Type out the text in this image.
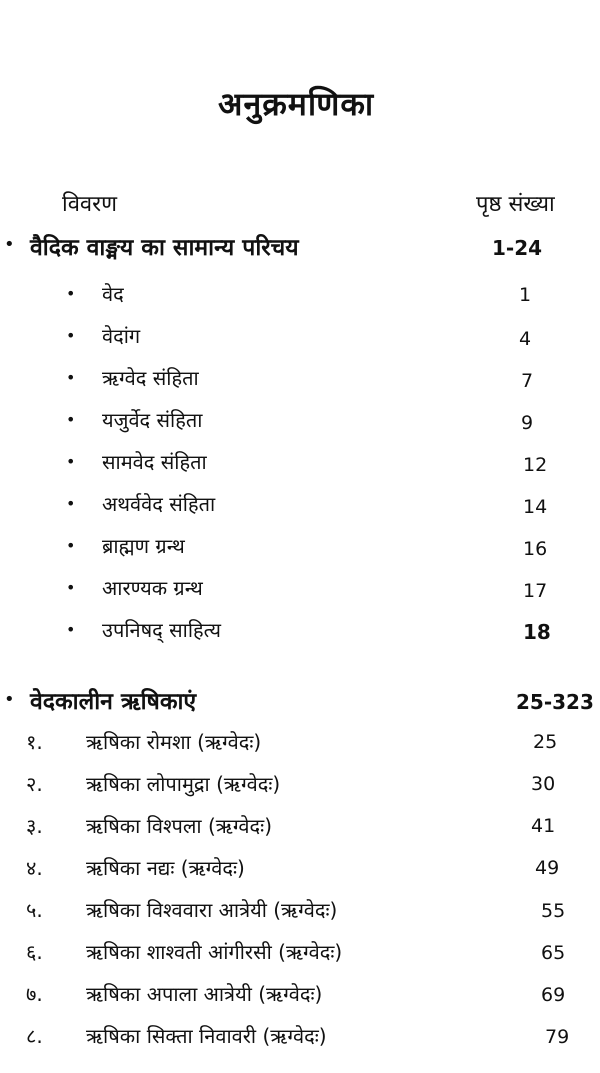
अनुक्रमणिका
विवरण	पृष्ठ संख्या
• वैदिक वाङ्मय का सामान्य परिचय	1-24
• वेद	1
• वेदांग	4
• ऋग्वेद संहिता	7
• यजुर्वेद संहिता	9
• सामवेद संहिता	12
• अथर्ववेद संहिता	14
• ब्राह्मण ग्रन्थ	16
• आरण्यक ग्रन्थ	17
• उपनिषद् साहित्य	18
• वेदकालीन ऋषिकाएं	25-323
१. ऋषिका रोमशा (ऋग्वेदः)	25
२. ऋषिका लोपामुद्रा (ऋग्वेदः)	30
३. ऋषिका विश्पला (ऋग्वेदः)	41
४. ऋषिका नद्यः (ऋग्वेदः)	49
५. ऋषिका विश्ववारा आत्रेयी (ऋग्वेदः)	55
६. ऋषिका शाश्वती आंगीरसी (ऋग्वेदः)	65
७. ऋषिका अपाला आत्रेयी (ऋग्वेदः)	69
८. ऋषिका सिक्ता निवावरी (ऋग्वेदः)	79
